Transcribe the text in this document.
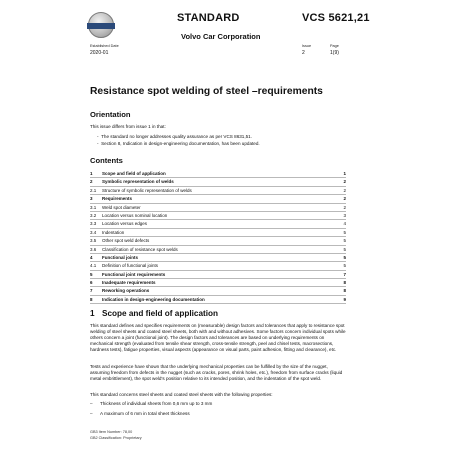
STANDARD	VCS 5621,21
Volvo Car Corporation
Established Date
2020-01
Issue
2
Page
1(9)
Resistance spot welding of steel –requirements
Orientation
This issue differs from issue 1 in that:
-  The standard no longer addresses quality assurance as per VCS 8631,51.
-  Section 8, Indication in design-engineering documentation, has been updated.
Contents
1 Scope and field of application	1
2 Symbolic representation of welds	2
2.1 Structure of symbolic representation of welds	2
3 Requirements	2
3.1 Weld spot diameter	2
3.2 Location versus nominal location	3
3.3 Location versus edges	4
3.4 Indentation	5
3.5 Other spot weld defects	5
3.6 Classification of resistance spot welds	5
4 Functional joints	5
4.1 Definition of functional joints	5
5 Functional joint requirements	7
6 Inadequate requirements	8
7 Reworking operations	8
8 Indication in design-engineering documentation	9
1 Scope and field of application
This standard defines and specifies requirements on (measurable) design factors and tolerances that apply to resistance spot welding of steel sheets and coated steel sheets, both with and without adhesives. Some factors concern individual spots while others concern a joint (functional joint). The design factors and tolerances are based on underlying requirements on mechanical strength (evaluated from tensile shear strength, cross-tensile strength, peel and chisel tests, macrosections, hardness tests), fatigue properties, visual aspects (appearance on visual parts, paint adhesion, fitting and clearance), etc.
Tests and experience have shown that the underlying mechanical properties can be fulfilled by the size of the nugget, assuming freedom from defects in the nugget (such as cracks, pores, shrink holes, etc.), freedom from surface cracks (liquid metal embrittlement), the spot weld's position relative to its intended position, and the indentation of the spot weld.
This standard concerns steel sheets and coated steel sheets with the following properties:
– Thickness of individual sheets from 0,6 mm up to 3 mm
– A maximum of 6 mm in total sheet thickness
GB3 Item Number: 78,00
GB2 Classification: Proprietary
